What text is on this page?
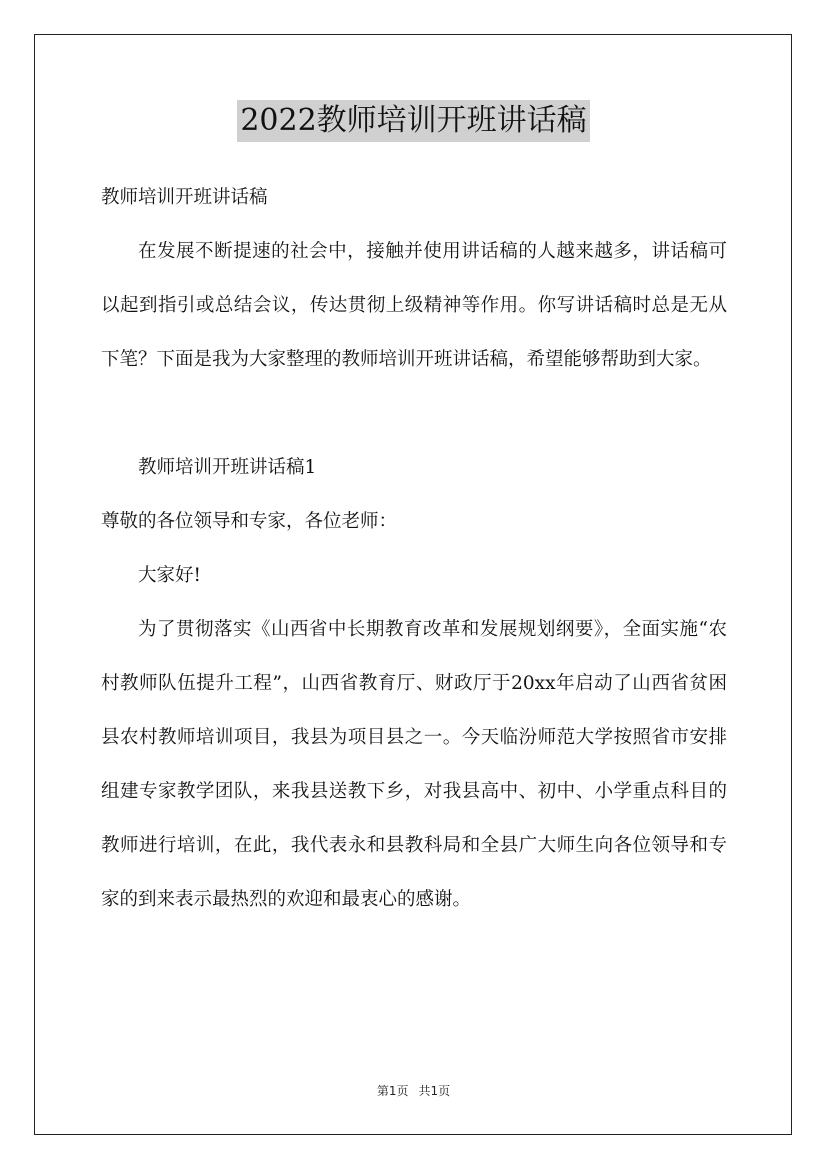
2022教师培训开班讲话稿

教师培训开班讲话稿

在发展不断提速的社会中，接触并使用讲话稿的人越来越多，讲话稿可以起到指引或总结会议，传达贯彻上级精神等作用。你写讲话稿时总是无从下笔？下面是我为大家整理的教师培训开班讲话稿，希望能够帮助到大家。

教师培训开班讲话稿1

尊敬的各位领导和专家，各位老师：

大家好!

为了贯彻落实《山西省中长期教育改革和发展规划纲要》，全面实施“农村教师队伍提升工程”，山西省教育厅、财政厅于20xx年启动了山西省贫困县农村教师培训项目，我县为项目县之一。今天临汾师范大学按照省市安排组建专家教学团队，来我县送教下乡，对我县高中、初中、小学重点科目的教师进行培训，在此，我代表永和县教科局和全县广大师生向各位领导和专家的到来表示最热烈的欢迎和最衷心的感谢。

第1页 共1页
